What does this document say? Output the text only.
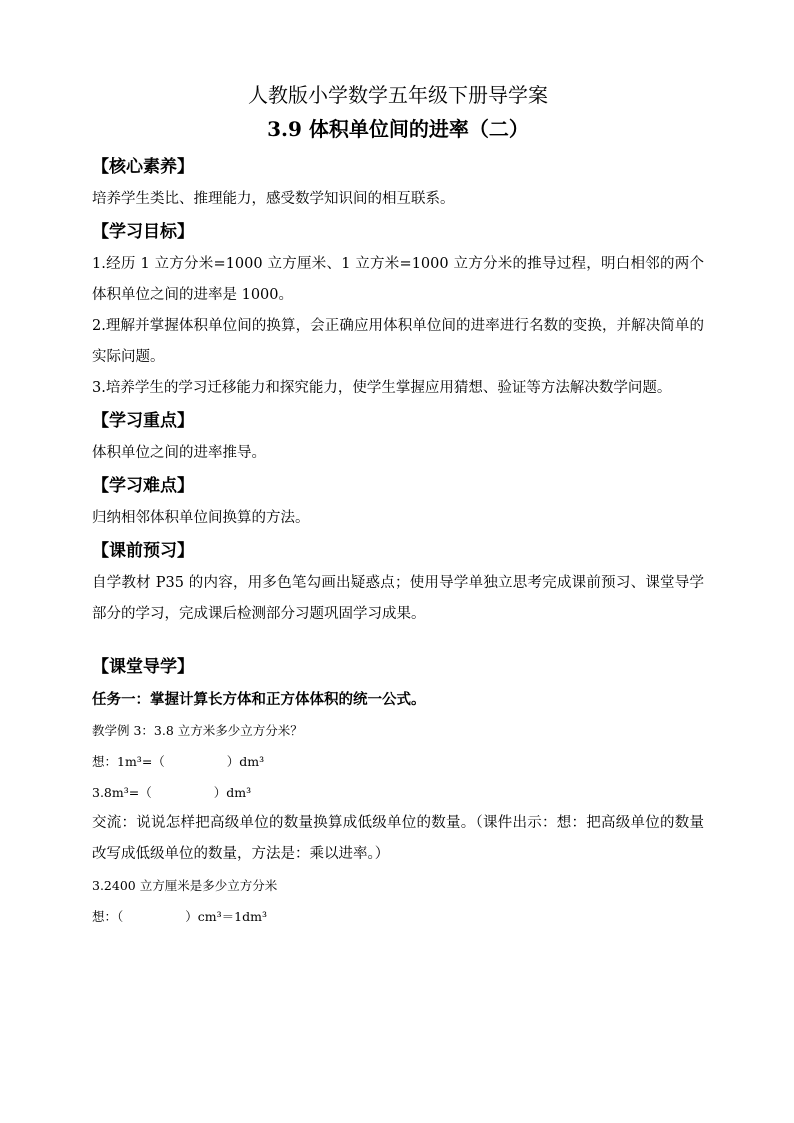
人教版小学数学五年级下册导学案
3.9 体积单位间的进率（二）
【核心素养】

培养学生类比、推理能力，感受数学知识间的相互联系。

【学习目标】

1.经历 1 立方分米=1000 立方厘米、1 立方米=1000 立方分米的推导过程，明白相邻的两个体积单位之间的进率是 1000。

2.理解并掌握体积单位间的换算，会正确应用体积单位间的进率进行名数的变换，并解决简单的实际问题。

3.培养学生的学习迁移能力和探究能力，使学生掌握应用猜想、验证等方法解决数学问题。

【学习重点】

体积单位之间的进率推导。

【学习难点】

归纳相邻体积单位间换算的方法。

【课前预习】

自学教材 P35 的内容，用多色笔勾画出疑惑点；使用导学单独立思考完成课前预习、课堂导学部分的学习，完成课后检测部分习题巩固学习成果。

【课堂导学】

任务一：掌握计算长方体和正方体体积的统一公式。

教学例 3：3.8 立方米多少立方分米？

想：1m³=（	）dm³

3.8m³=（	）dm³

交流：说说怎样把高级单位的数量换算成低级单位的数量。（课件出示：想：把高级单位的数量改写成低级单位的数量，方法是：乘以进率。）

3.2400 立方厘米是多少立方分米

想：（	）cm³＝1dm³
